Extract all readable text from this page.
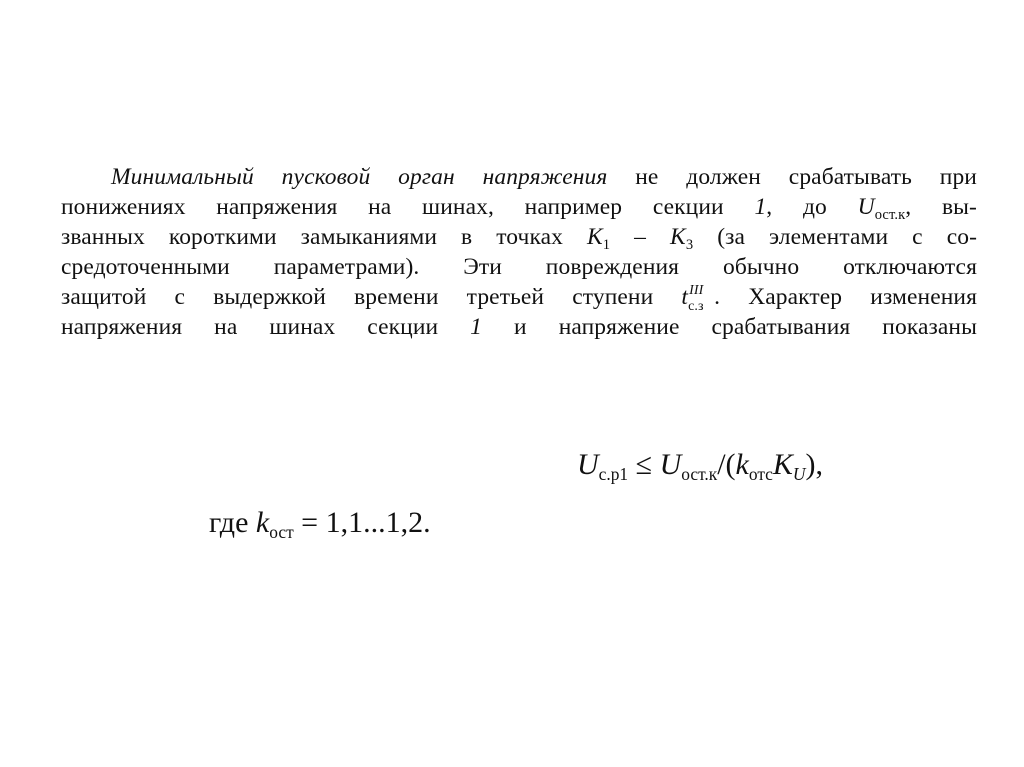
Минимальный пусковой орган напряжения не должен срабатывать при
понижениях напряжения на шинах, например секции 1, до $U_{ост.к}$, вы-
званных короткими замыканиями в точках $K_1 - K_3$ (за элементами с со-
средоточенными параметрами). Эти повреждения обычно отключаются
защитой с выдержкой времени третьей ступени t III
с.з . Характер изменения
напряжения на шинах секции 1 и напряжение срабатывания показаны
$U_{с.р1} \le U_{ост.к}/(k_{отс}K_U)$,
где $k_{ост} = 1,1...1,2$.
